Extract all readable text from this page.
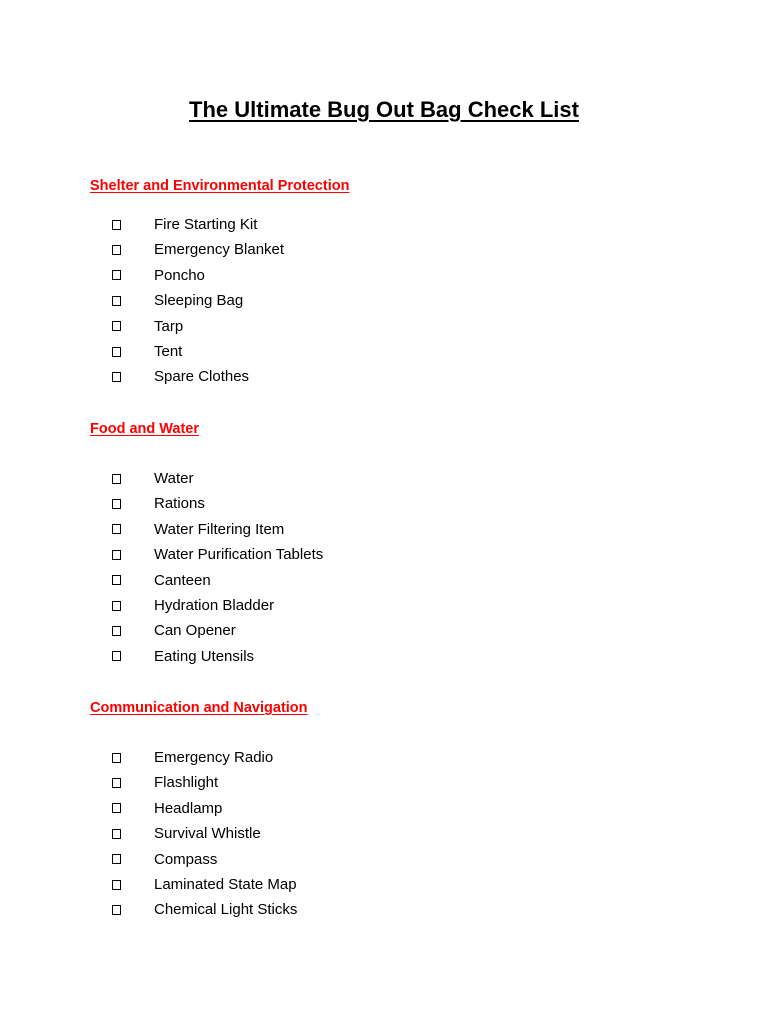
The Ultimate Bug Out Bag Check List
Shelter and Environmental Protection
Fire Starting Kit
Emergency Blanket
Poncho
Sleeping Bag
Tarp
Tent
Spare Clothes
Food and Water
Water
Rations
Water Filtering Item
Water Purification Tablets
Canteen
Hydration Bladder
Can Opener
Eating Utensils
Communication and Navigation
Emergency Radio
Flashlight
Headlamp
Survival Whistle
Compass
Laminated State Map
Chemical Light Sticks
